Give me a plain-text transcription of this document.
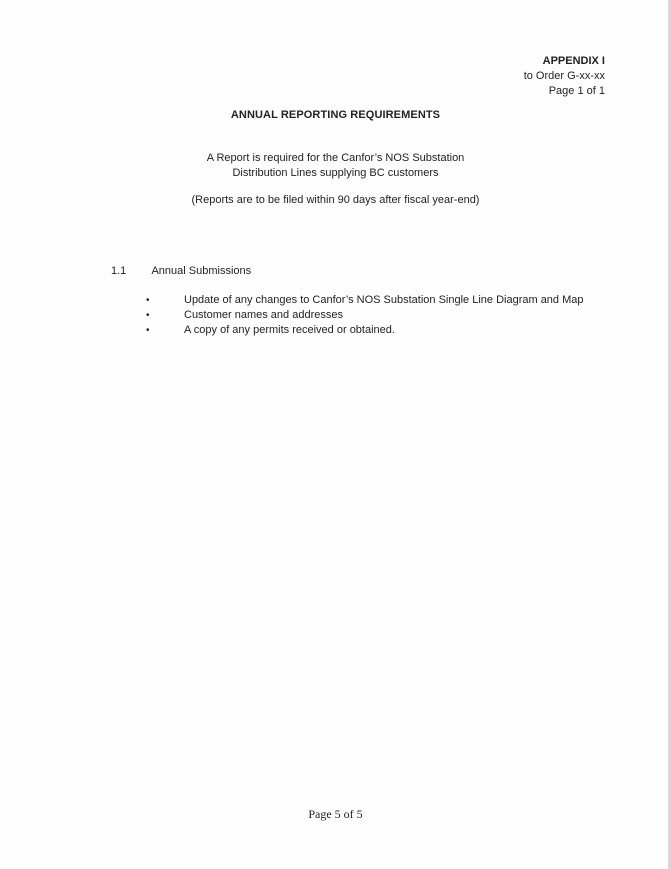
APPENDIX I
to Order G-xx-xx
Page 1 of 1
ANNUAL REPORTING REQUIREMENTS
A Report is required for the Canfor’s NOS Substation
Distribution Lines supplying BC customers
(Reports are to be filed within 90 days after fiscal year-end)
1.1 Annual Submissions
•	Update of any changes to Canfor’s NOS Substation Single Line Diagram and Map
•	Customer names and addresses
•	A copy of any permits received or obtained.
Page 5 of 5
